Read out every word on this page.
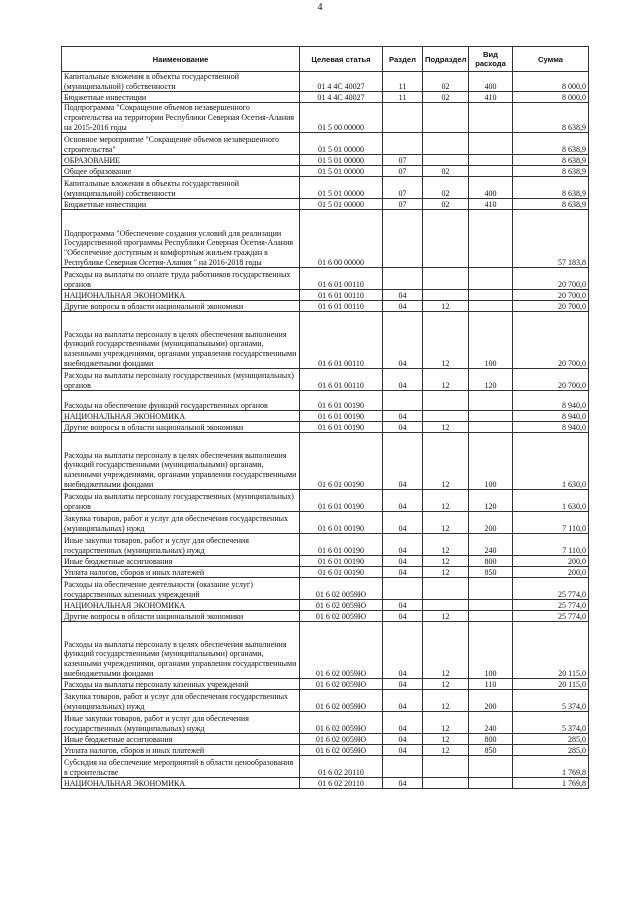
4
Наименование	Целевая статья	Раздел	Подраздел	Вид расхода	Сумма
Капитальные вложения в объекты государственной (муниципальной) собственности	01 4 4С 40027	11	02	400	8 000,0
Бюджетные инвестиции	01 4 4С 40027	11	02	410	8 000,0
Подпрограмма "Сокращение объемов незавершенного строительства на территории Республики Северная Осетия-Алания на 2015-2016 годы	01 5 00 00000				8 638,9
Основное мероприятие "Сокращение объемов незавершенного строительства"	01 5 01 00000				8 638,9
ОБРАЗОВАНИЕ	01 5 01 00000	07			8 638,9
Общее образование	01 5 01 00000	07	02		8 638,9
Капитальные вложения в объекты государственной (муниципальной) собственности	01 5 01 00000	07	02	400	8 638,9
Бюджетные инвестиции	01 5 01 00000	07	02	410	8 638,9
Подпрограмма "Обеспечение создания условий для реализации Государственной программы Республики Северная Осетия-Алания "Обеспечение доступным и комфортным жильем граждан в Республике Северная Осетия-Алания " на 2016-2018 годы	01 6 00 00000				57 183,8
Расходы на выплаты по оплате труда работников государственных органов	01 6 01 00110				20 700,0
НАЦИОНАЛЬНАЯ ЭКОНОМИКА	01 6 01 00110	04			20 700,0
Другие вопросы в области национальной экономики	01 6 01 00110	04	12		20 700,0
Расходы на выплаты персоналу в целях обеспечения выполнения функций государственными (муниципальными) органами, казенными учреждениями, органами управления государственными внебюджетными фондами	01 6 01 00110	04	12	100	20 700,0
Расходы на выплаты персоналу государственных (муниципальных) органов	01 6 01 00110	04	12	120	20 700,0
Расходы на обеспечение функций государственных органов	01 6 01 00190				8 940,0
НАЦИОНАЛЬНАЯ ЭКОНОМИКА	01 6 01 00190	04			8 940,0
Другие вопросы в области национальной экономики	01 6 01 00190	04	12		8 940,0
Расходы на выплаты персоналу в целях обеспечения выполнения функций государственными (муниципальными) органами, казенными учреждениями, органами управления государственными внебюджетными фондами	01 6 01 00190	04	12	100	1 630,0
Расходы на выплаты персоналу государственных (муниципальных) органов	01 6 01 00190	04	12	120	1 630,0
Закупка товаров, работ и услуг для обеспечения государственных (муниципальных) нужд	01 6 01 00190	04	12	200	7 110,0
Иные закупки товаров, работ и услуг для обеспечения государственных (муниципальных) нужд	01 6 01 00190	04	12	240	7 110,0
Иные бюджетные ассигнования	01 6 01 00190	04	12	800	200,0
Уплата налогов, сборов и иных платежей	01 6 01 00190	04	12	850	200,0
Расходы на обеспечение деятельности (оказание услуг) государственных казенных учреждений	01 6 02 0059Ю				25 774,0
НАЦИОНАЛЬНАЯ ЭКОНОМИКА	01 6 02 0059Ю	04			25 774,0
Другие вопросы в области национальной экономики	01 6 02 0059Ю	04	12		25 774,0
Расходы на выплаты персоналу в целях обеспечения выполнения функций государственными (муниципальными) органами, казенными учреждениями, органами управления государственными внебюджетными фондами	01 6 02 0059Ю	04	12	100	20 115,0
Расходы на выплаты персоналу казенных учреждений	01 6 02 0059Ю	04	12	110	20 115,0
Закупка товаров, работ и услуг для обеспечения государственных (муниципальных) нужд	01 6 02 0059Ю	04	12	200	5 374,0
Иные закупки товаров, работ и услуг для обеспечения государственных (муниципальных) нужд	01 6 02 0059Ю	04	12	240	5 374,0
Иные бюджетные ассигнования	01 6 02 0059Ю	04	12	800	285,0
Уплата налогов, сборов и иных платежей	01 6 02 0059Ю	04	12	850	285,0
Субсидия на обеспечение мероприятий в области ценообразования в строительстве	01 6 02 20110				1 769,8
НАЦИОНАЛЬНАЯ ЭКОНОМИКА	01 6 02 20110	04			1 769,8
